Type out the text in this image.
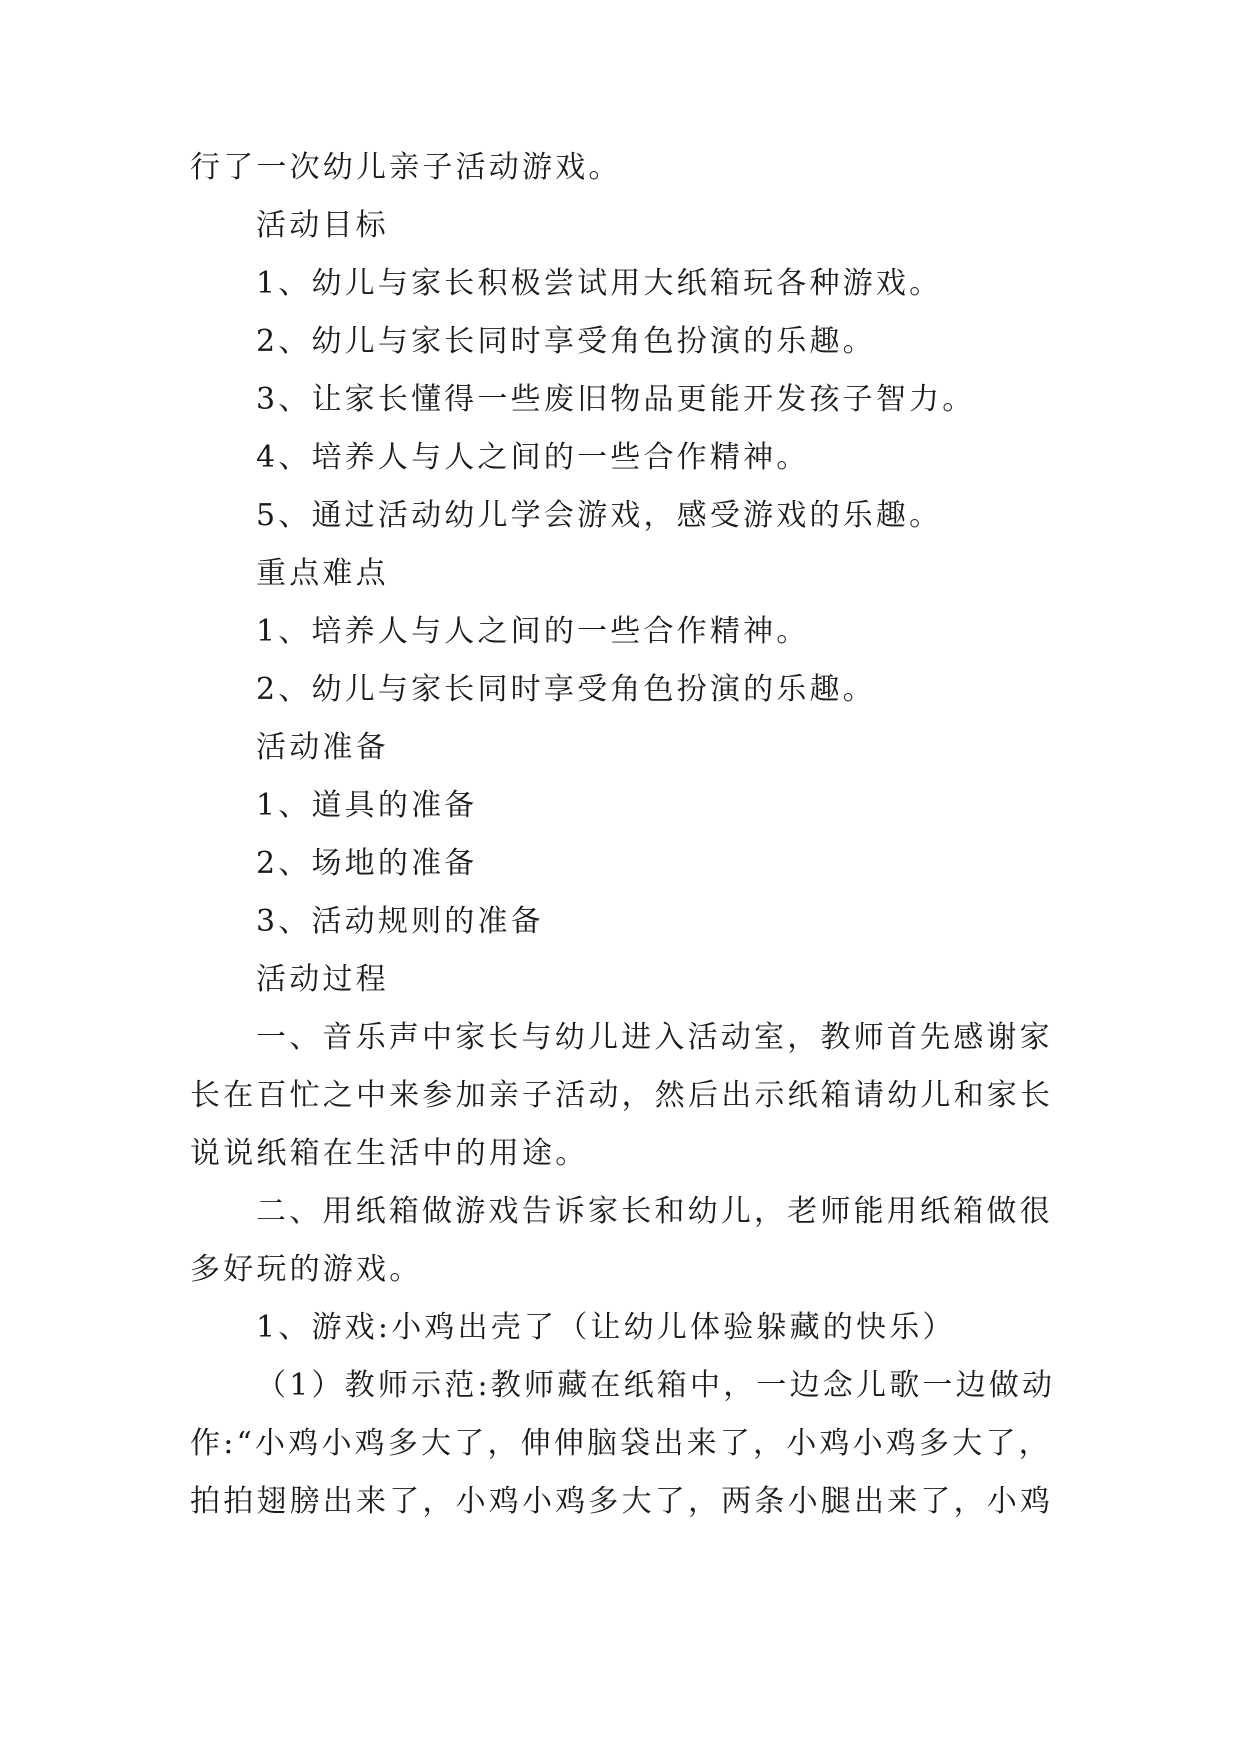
行了一次幼儿亲子活动游戏。
活动目标
1、幼儿与家长积极尝试用大纸箱玩各种游戏。
2、幼儿与家长同时享受角色扮演的乐趣。
3、让家长懂得一些废旧物品更能开发孩子智力。
4、培养人与人之间的一些合作精神。
5、通过活动幼儿学会游戏，感受游戏的乐趣。
重点难点
1、培养人与人之间的一些合作精神。
2、幼儿与家长同时享受角色扮演的乐趣。
活动准备
1、道具的准备
2、场地的准备
3、活动规则的准备
活动过程
一、音乐声中家长与幼儿进入活动室，教师首先感谢家
长在百忙之中来参加亲子活动，然后出示纸箱请幼儿和家长
说说纸箱在生活中的用途。
二、用纸箱做游戏告诉家长和幼儿，老师能用纸箱做很
多好玩的游戏。
1、游戏:小鸡出壳了（让幼儿体验躲藏的快乐）
（1）教师示范:教师藏在纸箱中，一边念儿歌一边做动
作:“小鸡小鸡多大了，伸伸脑袋出来了，小鸡小鸡多大了，
拍拍翅膀出来了，小鸡小鸡多大了，两条小腿出来了，小鸡
